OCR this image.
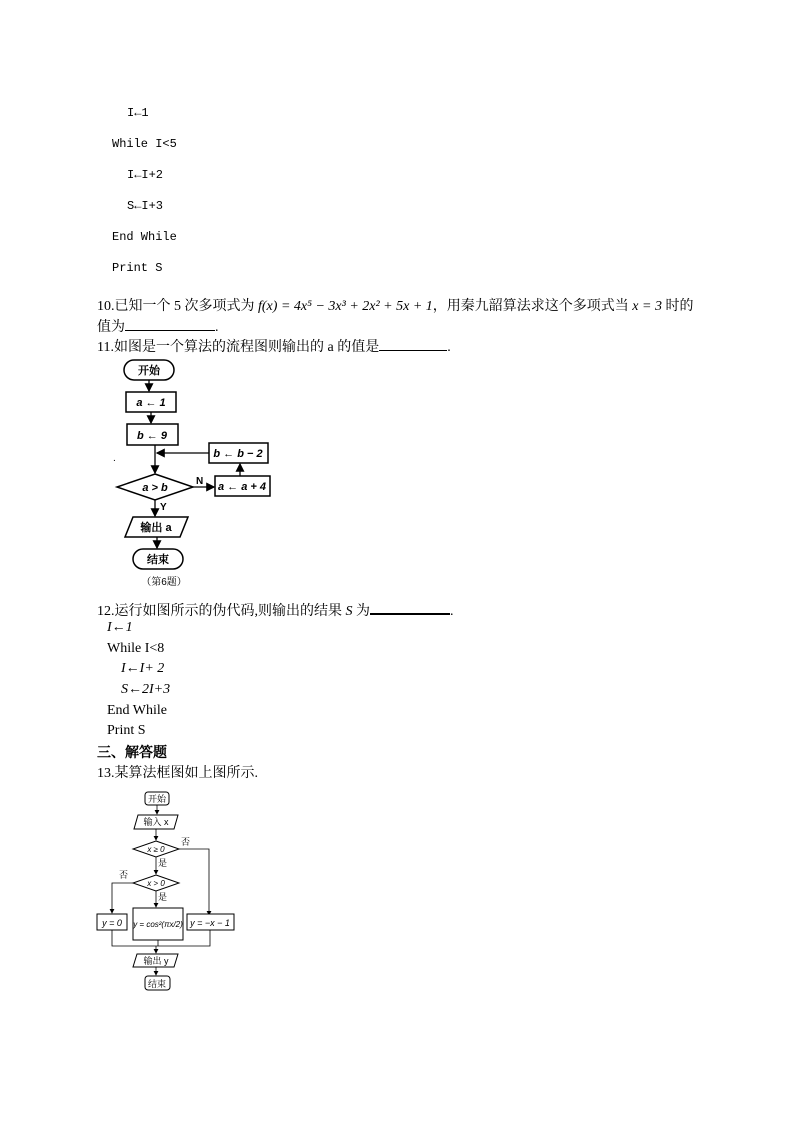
I←1
While I<5
I←I+2
S←I+3
End While
Print S
10.已知一个 5 次多项式为 f(x) = 4x⁵ − 3x³ + 2x² + 5x + 1，用秦九韶算法求这个多项式当 x = 3 时的
值为	.
11.如图是一个算法的流程图则输出的 a 的值是	.
开始
a ← 1
b ← 9
b ← b − 2
a > b
N a ← a + 4
Y
输出 a
结束
（第6题）
.
12.运行如图所示的伪代码,则输出的结果 S 为	.
I←1
While I<8
I←I+ 2
S←2I+3
End While
Print S
三、解答题
13.某算法框图如上图所示.
开始
输入 x
x ≥ 0
否
是
x > 0
否
是
y = 0 y = cos²(πx/2) y = −x − 1
输出 y
结束
